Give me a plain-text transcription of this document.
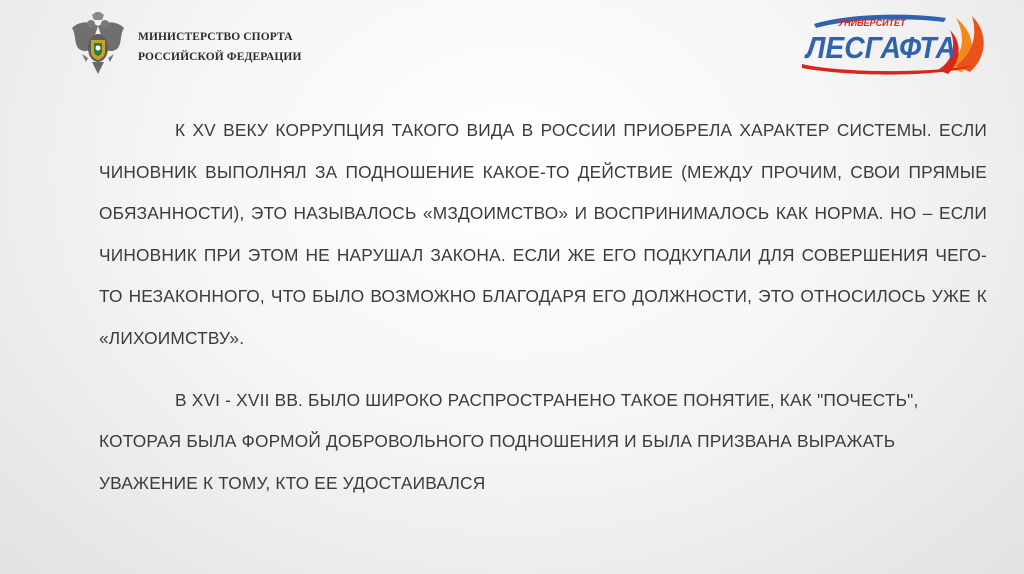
МИНИСТЕРСТВО СПОРТА
РОССИЙСКОЙ ФЕДЕРАЦИИ
УНИВЕРСИТЕТ
ЛЕСГАФТА

К XV ВЕКУ КОРРУПЦИЯ ТАКОГО ВИДА В РОССИИ ПРИОБРЕЛА ХАРАКТЕР СИСТЕМЫ. ЕСЛИ ЧИНОВНИК ВЫПОЛНЯЛ ЗА ПОДНОШЕНИЕ КАКОЕ-ТО ДЕЙСТВИЕ (МЕЖДУ ПРОЧИМ, СВОИ ПРЯМЫЕ ОБЯЗАННОСТИ), ЭТО НАЗЫВАЛОСЬ «МЗДОИМСТВО» И ВОСПРИНИМАЛОСЬ КАК НОРМА. НО – ЕСЛИ ЧИНОВНИК ПРИ ЭТОМ НЕ НАРУШАЛ ЗАКОНА. ЕСЛИ ЖЕ ЕГО ПОДКУПАЛИ ДЛЯ СОВЕРШЕНИЯ ЧЕГО-ТО НЕЗАКОННОГО, ЧТО БЫЛО ВОЗМОЖНО БЛАГОДАРЯ ЕГО ДОЛЖНОСТИ, ЭТО ОТНОСИЛОСЬ УЖЕ К «ЛИХОИМСТВУ».

В XVI - XVII ВВ. БЫЛО ШИРОКО РАСПРОСТРАНЕНО ТАКОЕ ПОНЯТИЕ, КАК "ПОЧЕСТЬ", КОТОРАЯ БЫЛА ФОРМОЙ ДОБРОВОЛЬНОГО ПОДНОШЕНИЯ И БЫЛА ПРИЗВАНА ВЫРАЖАТЬ УВАЖЕНИЕ К ТОМУ, КТО ЕЕ УДОСТАИВАЛСЯ
